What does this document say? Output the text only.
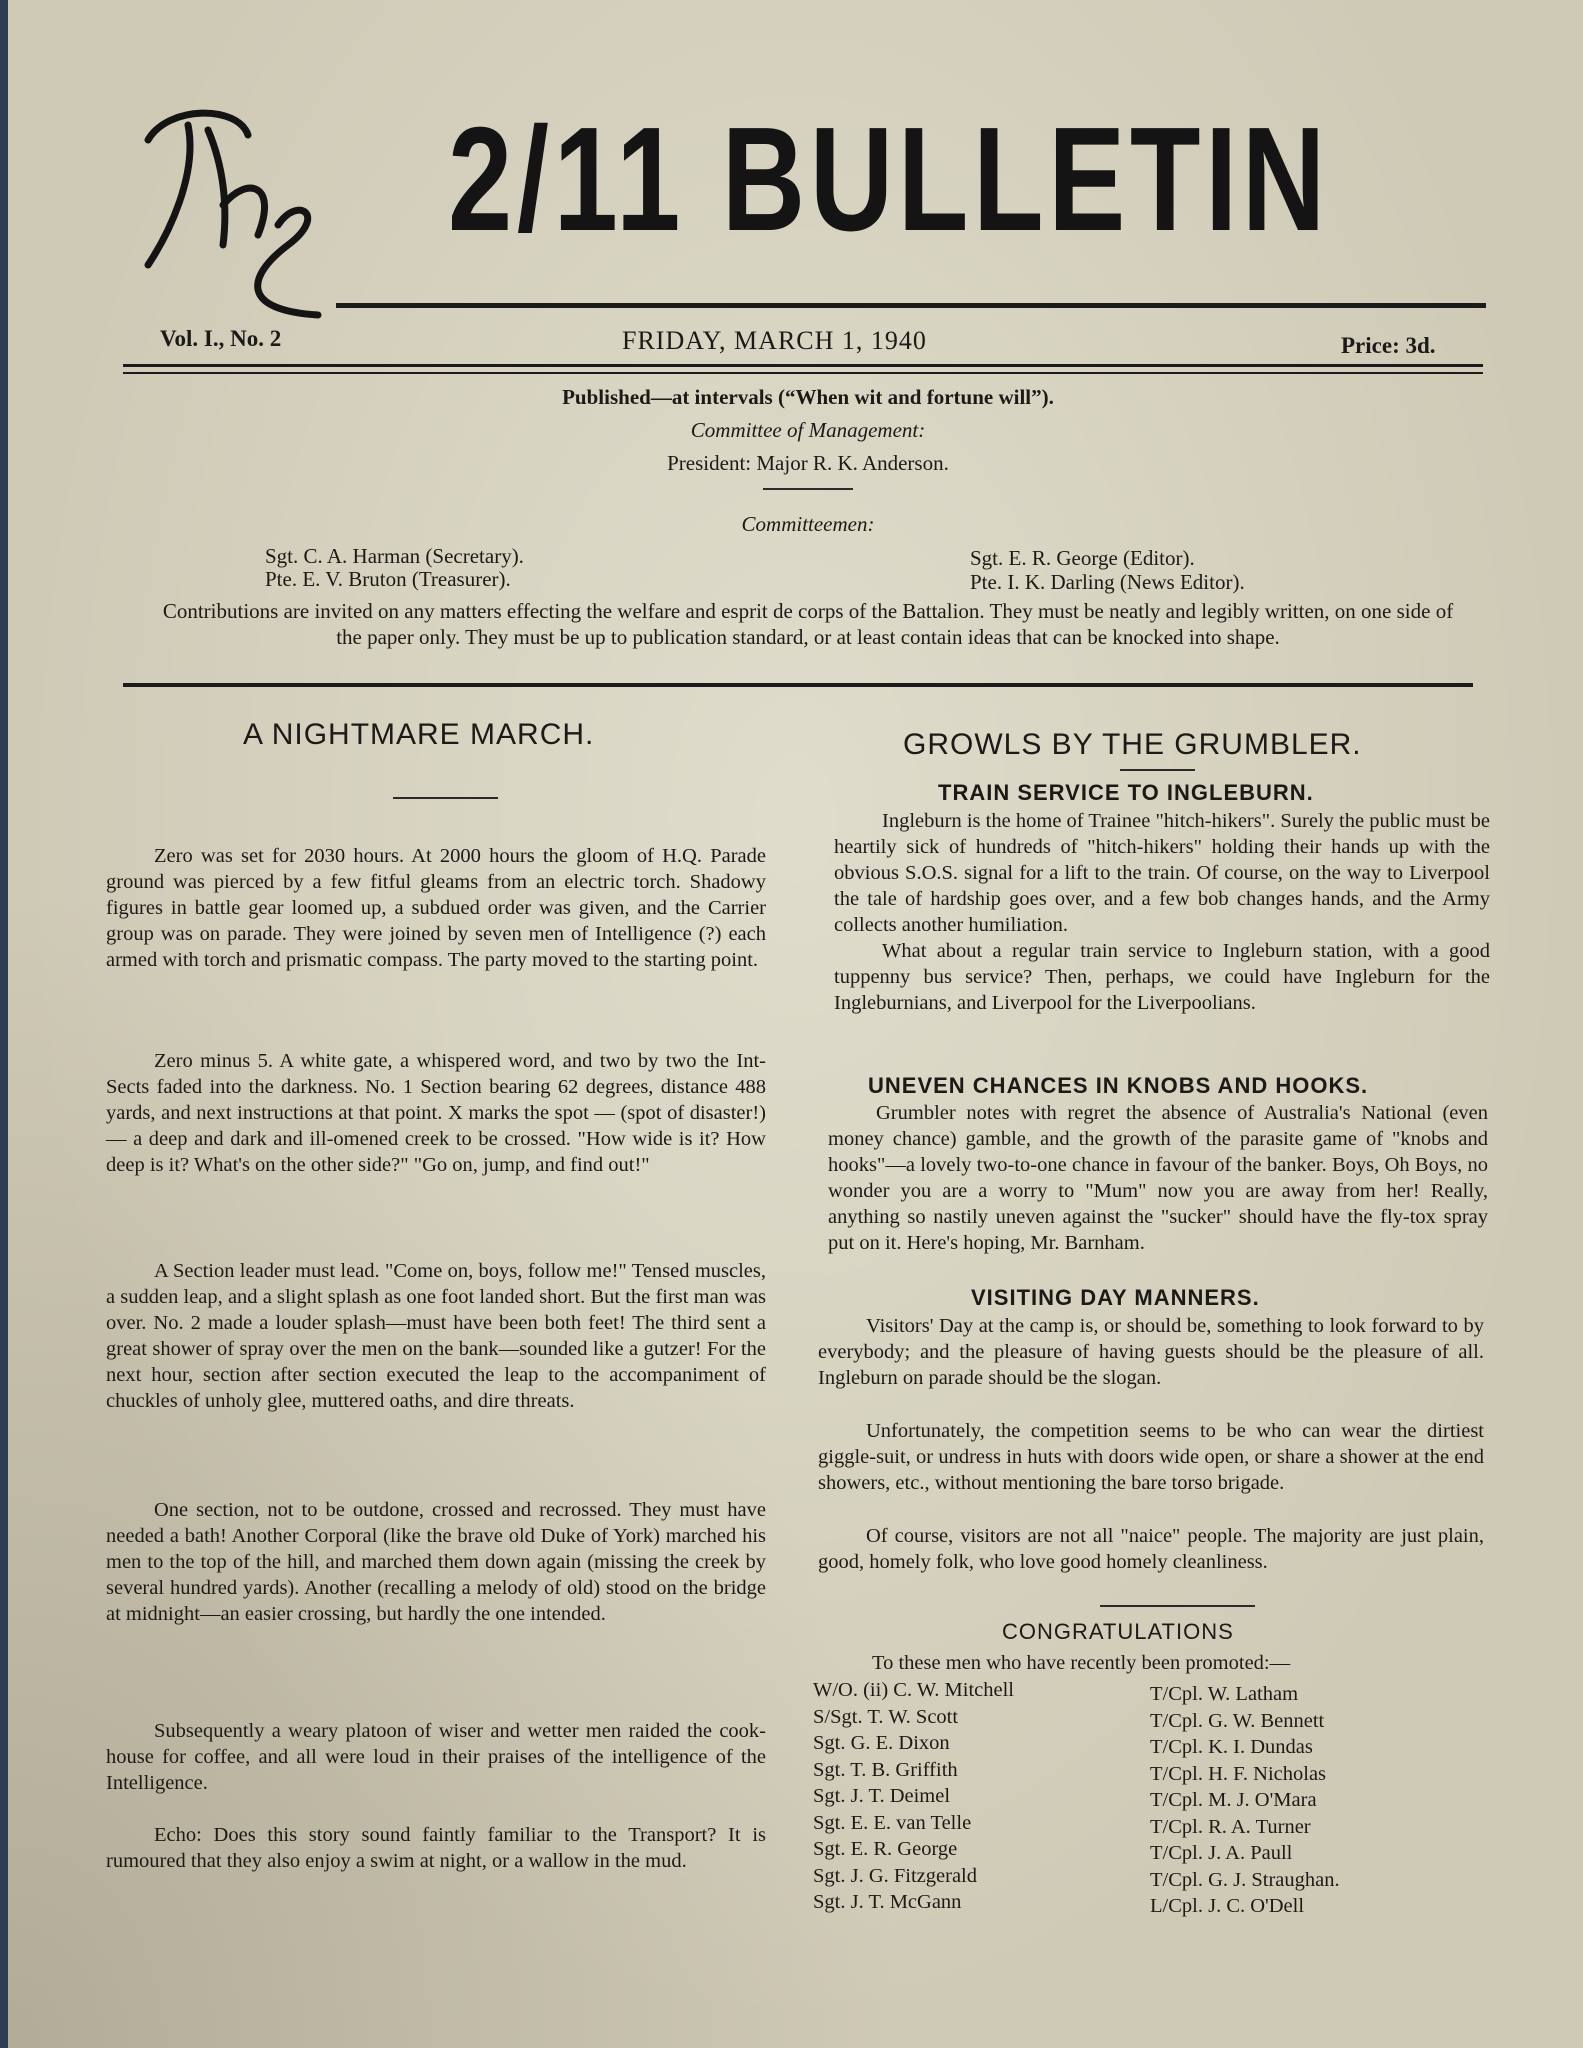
2/11 BULLETIN
Vol. I., No. 2	FRIDAY, MARCH 1, 1940	Price: 3d.
Published—at intervals (“When wit and fortune will”).
Committee of Management:
President: Major R. K. Anderson.
Committeemen:
Sgt. C. A. Harman (Secretary).
Pte. E. V. Bruton (Treasurer).
Sgt. E. R. George (Editor).
Pte. I. K. Darling (News Editor).
Contributions are invited on any matters effecting the welfare and esprit de corps of the Battalion. They must be neatly and legibly written, on one side of the paper only. They must be up to publication standard, or at least contain ideas that can be knocked into shape.
A NIGHTMARE MARCH.
Zero was set for 2030 hours. At 2000 hours the gloom of H.Q. Parade ground was pierced by a few fitful gleams from an electric torch. Shadowy figures in battle gear loomed up, a subdued order was given, and the Carrier group was on parade. They were joined by seven men of Intelligence (?) each armed with torch and prismatic compass. The party moved to the starting point.
Zero minus 5. A white gate, a whispered word, and two by two the Int-Sects faded into the darkness. No. 1 Section bearing 62 degrees, distance 488 yards, and next instructions at that point. X marks the spot — (spot of disaster!) — a deep and dark and ill-omened creek to be crossed. "How wide is it? How deep is it? What's on the other side?" "Go on, jump, and find out!"
A Section leader must lead. "Come on, boys, follow me!" Tensed muscles, a sudden leap, and a slight splash as one foot landed short. But the first man was over. No. 2 made a louder splash—must have been both feet! The third sent a great shower of spray over the men on the bank—sounded like a gutzer! For the next hour, section after section executed the leap to the accompaniment of chuckles of unholy glee, muttered oaths, and dire threats.
One section, not to be outdone, crossed and recrossed. They must have needed a bath! Another Corporal (like the brave old Duke of York) marched his men to the top of the hill, and marched them down again (missing the creek by several hundred yards). Another (recalling a melody of old) stood on the bridge at midnight—an easier crossing, but hardly the one intended.
Subsequently a weary platoon of wiser and wetter men raided the cook-house for coffee, and all were loud in their praises of the intelligence of the Intelligence.
Echo: Does this story sound faintly familiar to the Transport? It is rumoured that they also enjoy a swim at night, or a wallow in the mud.
GROWLS BY THE GRUMBLER.
TRAIN SERVICE TO INGLEBURN.
Ingleburn is the home of Trainee "hitch-hikers". Surely the public must be heartily sick of hundreds of "hitch-hikers" holding their hands up with the obvious S.O.S. signal for a lift to the train. Of course, on the way to Liverpool the tale of hardship goes over, and a few bob changes hands, and the Army collects another humiliation.
What about a regular train service to Ingleburn station, with a good tuppenny bus service? Then, perhaps, we could have Ingleburn for the Ingleburnians, and Liverpool for the Liverpoolians.
UNEVEN CHANCES IN KNOBS AND HOOKS.
Grumbler notes with regret the absence of Australia's National (even money chance) gamble, and the growth of the parasite game of "knobs and hooks"—a lovely two-to-one chance in favour of the banker. Boys, Oh Boys, no wonder you are a worry to "Mum" now you are away from her! Really, anything so nastily uneven against the "sucker" should have the fly-tox spray put on it. Here's hoping, Mr. Barnham.
VISITING DAY MANNERS.
Visitors' Day at the camp is, or should be, something to look forward to by everybody; and the pleasure of having guests should be the pleasure of all. Ingleburn on parade should be the slogan.
Unfortunately, the competition seems to be who can wear the dirtiest giggle-suit, or undress in huts with doors wide open, or share a shower at the end showers, etc., without mentioning the bare torso brigade.
Of course, visitors are not all "naice" people. The majority are just plain, good, homely folk, who love good homely cleanliness.
CONGRATULATIONS
To these men who have recently been promoted:—
W/O. (ii) C. W. Mitchell
S/Sgt. T. W. Scott
Sgt. G. E. Dixon
Sgt. T. B. Griffith
Sgt. J. T. Deimel
Sgt. E. E. van Telle
Sgt. E. R. George
Sgt. J. G. Fitzgerald
Sgt. J. T. McGann
T/Cpl. W. Latham
T/Cpl. G. W. Bennett
T/Cpl. K. I. Dundas
T/Cpl. H. F. Nicholas
T/Cpl. M. J. O'Mara
T/Cpl. R. A. Turner
T/Cpl. J. A. Paull
T/Cpl. G. J. Straughan.
L/Cpl. J. C. O'Dell
